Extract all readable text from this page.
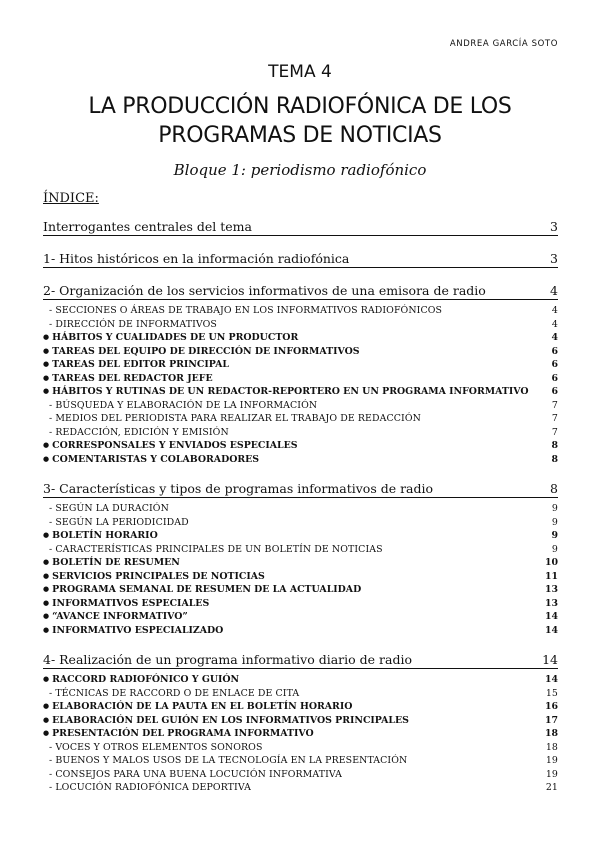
ANDREA GARCÍA SOTO
TEMA 4
LA PRODUCCIÓN RADIOFÓNICA DE LOS
PROGRAMAS DE NOTICIAS
Bloque 1: periodismo radiofónico
ÍNDICE:
Interrogantes centrales del tema	3
1- Hitos históricos en la información radiofónica	3
2- Organización de los servicios informativos de una emisora de radio	4
- SECCIONES O ÁREAS DE TRABAJO EN LOS INFORMATIVOS RADIOFÓNICOS	4
- DIRECCIÓN DE INFORMATIVOS	4
● HÁBITOS Y CUALIDADES DE UN PRODUCTOR	4
● TAREAS DEL EQUIPO DE DIRECCIÓN DE INFORMATIVOS	6
● TAREAS DEL EDITOR PRINCIPAL	6
● TAREAS DEL REDACTOR JEFE	6
● HÁBITOS Y RUTINAS DE UN REDACTOR-REPORTERO EN UN PROGRAMA INFORMATIVO	6
- BÚSQUEDA Y ELABORACIÓN DE LA INFORMACIÓN	7
- MEDIOS DEL PERIODISTA PARA REALIZAR EL TRABAJO DE REDACCIÓN	7
- REDACCIÓN, EDICIÓN Y EMISIÓN	7
● CORRESPONSALES Y ENVIADOS ESPECIALES	8
● COMENTARISTAS Y COLABORADORES	8
3- Características y tipos de programas informativos de radio	8
- SEGÚN LA DURACIÓN	9
- SEGÚN LA PERIODICIDAD	9
● BOLETÍN HORARIO	9
- CARACTERÍSTICAS PRINCIPALES DE UN BOLETÍN DE NOTICIAS	9
● BOLETÍN DE RESUMEN	10
● SERVICIOS PRINCIPALES DE NOTICIAS	11
● PROGRAMA SEMANAL DE RESUMEN DE LA ACTUALIDAD	13
● INFORMATIVOS ESPECIALES	13
● “AVANCE INFORMATIVO”	14
● INFORMATIVO ESPECIALIZADO	14
4- Realización de un programa informativo diario de radio	14
● RACCORD RADIOFÓNICO Y GUIÓN	14
- TÉCNICAS DE RACCORD O DE ENLACE DE CITA	15
● ELABORACIÓN DE LA PAUTA EN EL BOLETÍN HORARIO	16
● ELABORACIÓN DEL GUIÓN EN LOS INFORMATIVOS PRINCIPALES	17
● PRESENTACIÓN DEL PROGRAMA INFORMATIVO	18
- VOCES Y OTROS ELEMENTOS SONOROS	18
- BUENOS Y MALOS USOS DE LA TECNOLOGÍA EN LA PRESENTACIÓN	19
- CONSEJOS PARA UNA BUENA LOCUCIÓN INFORMATIVA	19
- LOCUCIÓN RADIOFÓNICA DEPORTIVA	21
